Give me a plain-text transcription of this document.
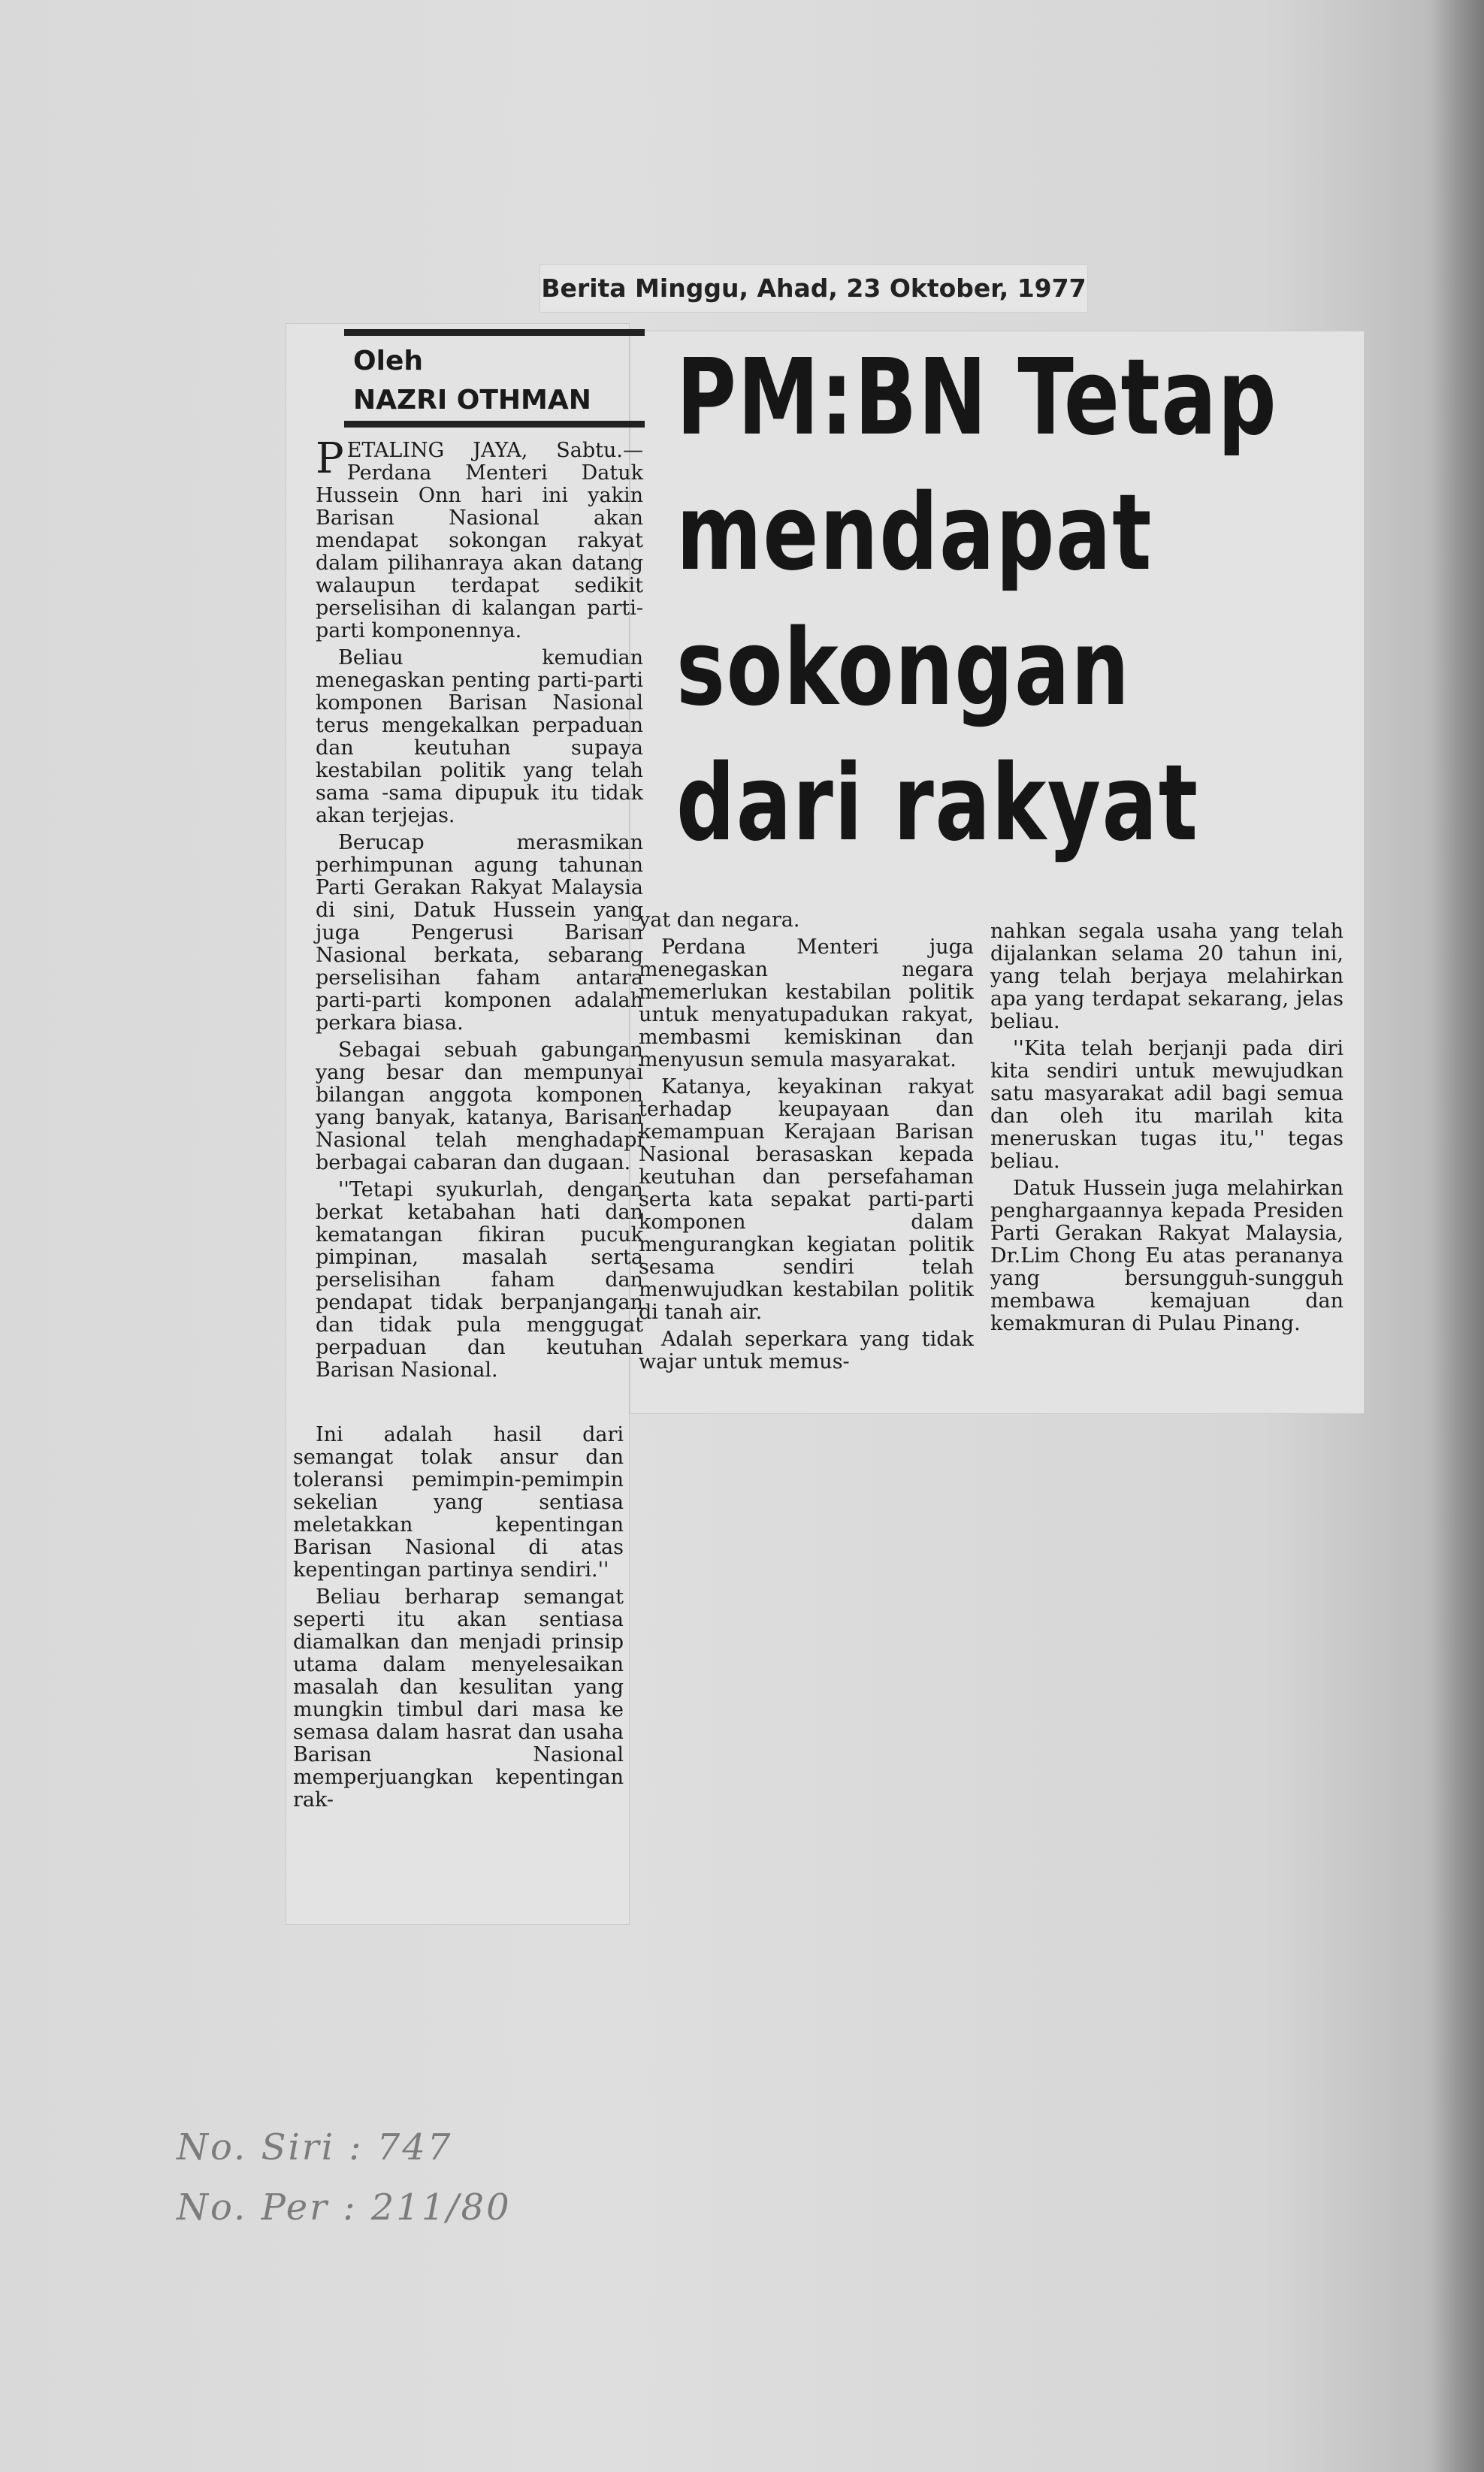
Berita Minggu, Ahad, 23 Oktober, 1977
Oleh
NAZRI OTHMAN PM:BN Tetap
mendapat
sokongan
dari rakyat

PETALING JAYA, Sabtu.— Perdana Menteri Datuk Hussein Onn hari ini yakin Barisan Nasional akan mendapat sokongan rakyat dalam pilihanraya akan datang walaupun terdapat sedikit perselisihan di kalangan parti-parti komponennya.

Beliau kemudian menegaskan penting parti-parti komponen Barisan Nasional terus mengekalkan perpaduan dan keutuhan supaya kestabilan politik yang telah sama -sama dipupuk itu tidak akan terjejas.

Berucap merasmikan perhimpunan agung tahunan Parti Gerakan Rakyat Malaysia di sini, Datuk Hussein yang juga Pengerusi Barisan Nasional berkata, sebarang perselisihan faham antara parti-parti komponen adalah perkara biasa.

Sebagai sebuah gabungan yang besar dan mempunyai bilangan anggota komponen yang banyak, katanya, Barisan Nasional telah menghadapi berbagai cabaran dan dugaan.

''Tetapi syukurlah, dengan berkat ketabahan hati dan kematangan fikiran pucuk pimpinan, masalah serta perselisihan faham dan pendapat tidak berpanjangan dan tidak pula menggugat perpaduan dan keutuhan Barisan Nasional.

Ini adalah hasil dari semangat tolak ansur dan toleransi pemimpin-pemimpin sekelian yang sentiasa meletakkan kepentingan Barisan Nasional di atas kepentingan partinya sendiri.''

Beliau berharap semangat seperti itu akan sentiasa diamalkan dan menjadi prinsip utama dalam menyelesaikan masalah dan kesulitan yang mungkin timbul dari masa ke semasa dalam hasrat dan usaha Barisan Nasional memperjuangkan kepentingan rak-

yat dan negara.

Perdana Menteri juga menegaskan negara memerlukan kestabilan politik untuk menyatupadukan rakyat, membasmi kemiskinan dan menyusun semula masyarakat.

Katanya, keyakinan rakyat terhadap keupayaan dan kemampuan Kerajaan Barisan Nasional berasaskan kepada keutuhan dan persefahaman serta kata sepakat parti-parti komponen dalam mengurangkan kegiatan politik sesama sendiri telah menwujudkan kestabilan politik di tanah air.

Adalah seperkara yang tidak wajar untuk memus-

nahkan segala usaha yang telah dijalankan selama 20 tahun ini, yang telah berjaya melahirkan apa yang terdapat sekarang, jelas beliau.

''Kita telah berjanji pada diri kita sendiri untuk mewujudkan satu masyarakat adil bagi semua dan oleh itu marilah kita meneruskan tugas itu,'' tegas beliau.

Datuk Hussein juga melahirkan penghargaannya kepada Presiden Parti Gerakan Rakyat Malaysia, Dr.Lim Chong Eu atas perananya yang bersungguh-sungguh membawa kemajuan dan kemakmuran di Pulau Pinang.

No. Siri : 747
No. Per : 211/80
